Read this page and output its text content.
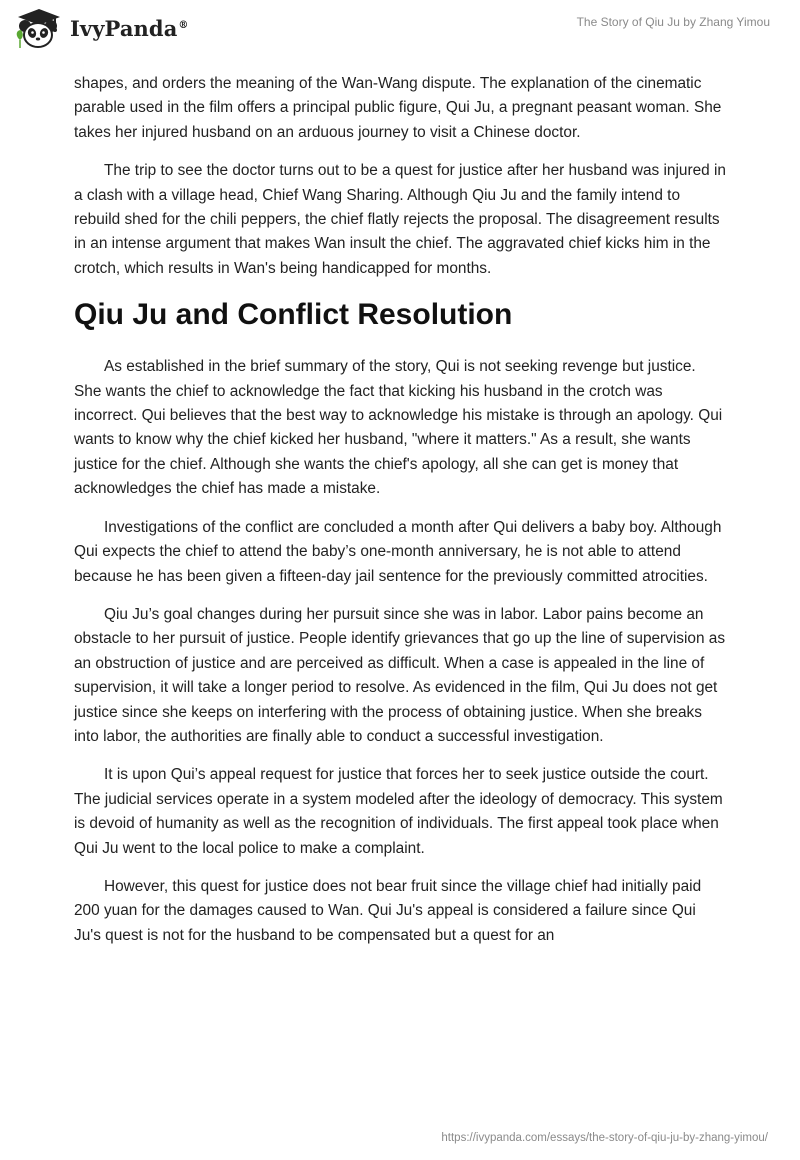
IvyPanda®	The Story of Qiu Ju by Zhang Yimou

shapes, and orders the meaning of the Wan-Wang dispute. The explanation of the cinematic parable used in the film offers a principal public figure, Qui Ju, a pregnant peasant woman. She takes her injured husband on an arduous journey to visit a Chinese doctor.

The trip to see the doctor turns out to be a quest for justice after her husband was injured in a clash with a village head, Chief Wang Sharing. Although Qiu Ju and the family intend to rebuild shed for the chili peppers, the chief flatly rejects the proposal. The disagreement results in an intense argument that makes Wan insult the chief. The aggravated chief kicks him in the crotch, which results in Wan's being handicapped for months.

Qiu Ju and Conflict Resolution

As established in the brief summary of the story, Qui is not seeking revenge but justice. She wants the chief to acknowledge the fact that kicking his husband in the crotch was incorrect. Qui believes that the best way to acknowledge his mistake is through an apology. Qui wants to know why the chief kicked her husband, "where it matters." As a result, she wants justice for the chief. Although she wants the chief's apology, all she can get is money that acknowledges the chief has made a mistake.

Investigations of the conflict are concluded a month after Qui delivers a baby boy. Although Qui expects the chief to attend the baby’s one-month anniversary, he is not able to attend because he has been given a fifteen-day jail sentence for the previously committed atrocities.

Qiu Ju’s goal changes during her pursuit since she was in labor. Labor pains become an obstacle to her pursuit of justice. People identify grievances that go up the line of supervision as an obstruction of justice and are perceived as difficult. When a case is appealed in the line of supervision, it will take a longer period to resolve. As evidenced in the film, Qui Ju does not get justice since she keeps on interfering with the process of obtaining justice. When she breaks into labor, the authorities are finally able to conduct a successful investigation.

It is upon Qui’s appeal request for justice that forces her to seek justice outside the court. The judicial services operate in a system modeled after the ideology of democracy. This system is devoid of humanity as well as the recognition of individuals. The first appeal took place when Qui Ju went to the local police to make a complaint.

However, this quest for justice does not bear fruit since the village chief had initially paid 200 yuan for the damages caused to Wan. Qui Ju's appeal is considered a failure since Qui Ju's quest is not for the husband to be compensated but a quest for an

https://ivypanda.com/essays/the-story-of-qiu-ju-by-zhang-yimou/
